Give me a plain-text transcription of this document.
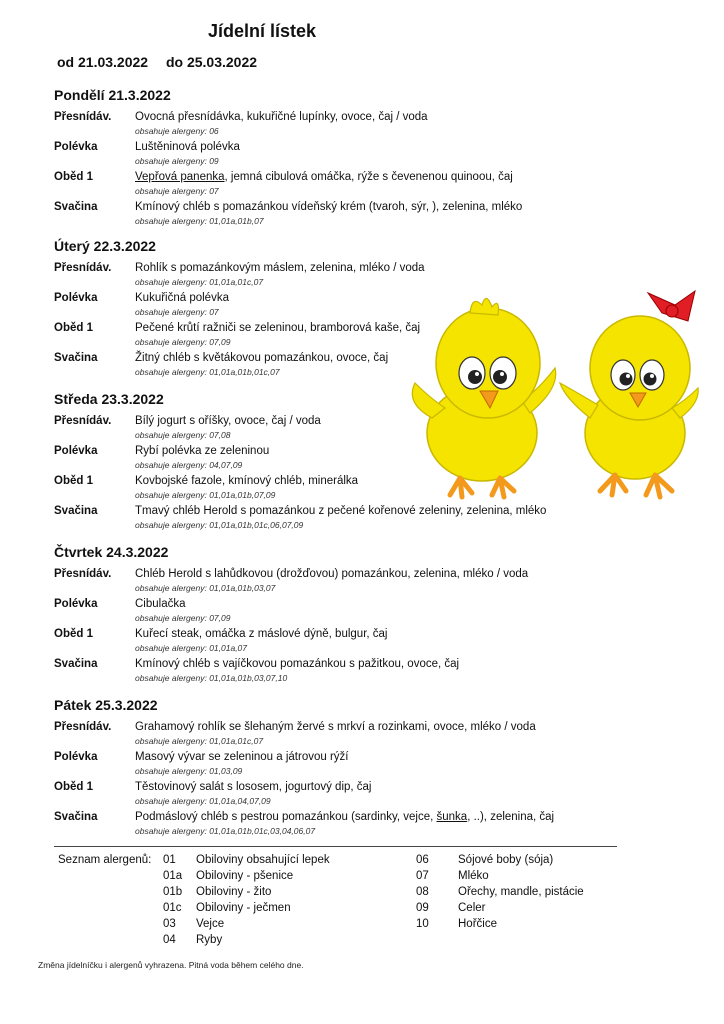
Jídelní lístek
od 21.03.2022 do 25.03.2022
Pondělí 21.3.2022
Přesnídáv. Ovocná přesnídávka, kukuřičné lupínky, ovoce, čaj / voda
obsahuje alergeny: 06
Polévka	Luštěninová polévka
obsahuje alergeny: 09
Oběd 1	Vepřová panenka, jemná cibulová omáčka, rýže s čevenenou quinoou, čaj
obsahuje alergeny: 07
Svačina	Kmínový chléb s pomazánkou vídeňský krém (tvaroh, sýr, ), zelenina, mléko
obsahuje alergeny: 01,01a,01b,07
Úterý 22.3.2022
Přesnídáv. Rohlík s pomazánkovým máslem, zelenina, mléko / voda
obsahuje alergeny: 01,01a,01c,07
Polévka	Kukuřičná polévka
obsahuje alergeny: 07
Oběd 1	Pečené krůtí ražniči se zeleninou, bramborová kaše, čaj
obsahuje alergeny: 07,09
Svačina	Žitný chléb s květákovou pomazánkou, ovoce, čaj
obsahuje alergeny: 01,01a,01b,01c,07
Středa 23.3.2022
Přesnídáv. Bílý jogurt s oříšky, ovoce, čaj / voda
obsahuje alergeny: 07,08
Polévka	Rybí polévka ze zeleninou
obsahuje alergeny: 04,07,09
Oběd 1	Kovbojské fazole, kmínový chléb, minerálka
obsahuje alergeny: 01,01a,01b,07,09
Svačina	Tmavý chléb Herold s pomazánkou z pečené kořenové zeleniny, zelenina, mléko
obsahuje alergeny: 01,01a,01b,01c,06,07,09
Čtvrtek 24.3.2022
Přesnídáv. Chléb Herold s lahůdkovou (drožďovou) pomazánkou, zelenina, mléko / voda
obsahuje alergeny: 01,01a,01b,03,07
Polévka	Cibulačka
obsahuje alergeny: 07,09
Oběd 1	Kuřecí steak, omáčka z máslové dýně, bulgur, čaj
obsahuje alergeny: 01,01a,07
Svačina	Kmínový chléb s vajíčkovou pomazánkou s pažitkou, ovoce, čaj
obsahuje alergeny: 01,01a,01b,03,07,10
Pátek 25.3.2022
Přesnídáv. Grahamový rohlík se šlehaným žervé s mrkví a rozinkami, ovoce, mléko / voda
obsahuje alergeny: 01,01a,01c,07
Polévka	Masový vývar se zeleninou a játrovou rýží
obsahuje alergeny: 01,03,09
Oběd 1	Těstovinový salát s lososem, jogurtový dip, čaj
obsahuje alergeny: 01,01a,04,07,09
Svačina	Podmáslový chléb s pestrou pomazánkou (sardinky, vejce, šunka, ..), zelenina, čaj
obsahuje alergeny: 01,01a,01b,01c,03,04,06,07
Seznam alergenů: 01 Obiloviny obsahující lepek
01a Obiloviny - pšenice
01b Obiloviny - žito
01c Obiloviny - ječmen
03 Vejce
04 Ryby
06	Sójové boby (sója)
07	Mléko
08	Ořechy, mandle, pistácie
09	Celer
10	Hořčice
Změna jídelníčku i alergenů vyhrazena. Pitná voda během celého dne.
